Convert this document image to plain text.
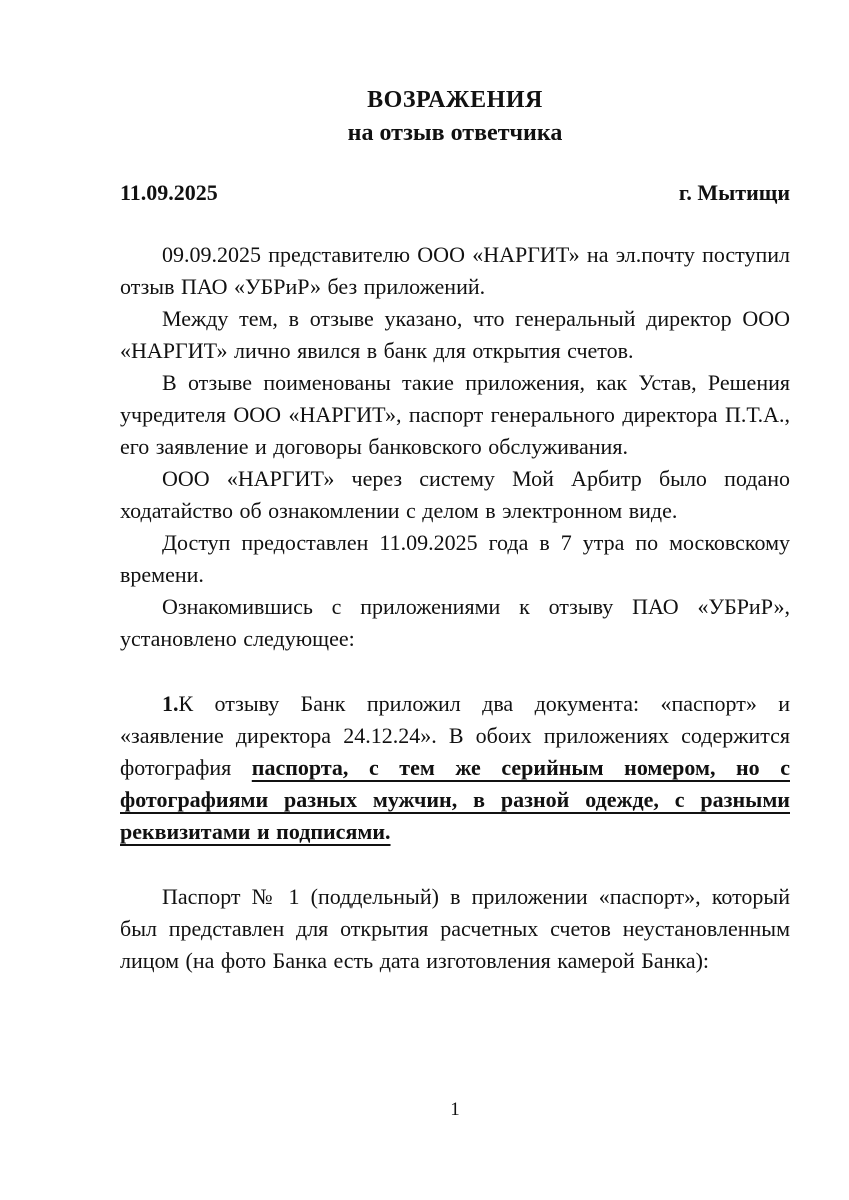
ВОЗРАЖЕНИЯ
на отзыв ответчика
11.09.2025	г. Мытищи

09.09.2025 представителю ООО «НАРГИТ» на эл.почту поступил отзыв ПАО «УБРиР» без приложений.

Между тем, в отзыве указано, что генеральный директор ООО «НАРГИТ» лично явился в банк для открытия счетов.

В отзыве поименованы такие приложения, как Устав, Решения учредителя ООО «НАРГИТ», паспорт генерального директора П.Т.А., его заявление и договоры банковского обслуживания.

ООО «НАРГИТ» через систему Мой Арбитр было подано ходатайство об ознакомлении с делом в электронном виде.

Доступ предоставлен 11.09.2025 года в 7 утра по московскому времени.

Ознакомившись с приложениями к отзыву ПАО «УБРиР», установлено следующее:

1.К отзыву Банк приложил два документа: «паспорт» и «заявление директора 24.12.24». В обоих приложениях содержится фотография паспорта, с тем же серийным номером, но с фотографиями разных мужчин, в разной одежде, с разными реквизитами и подписями.

Паспорт № 1 (поддельный) в приложении «паспорт», который был представлен для открытия расчетных счетов неустановленным лицом (на фото Банка есть дата изготовления камерой Банка):

1
